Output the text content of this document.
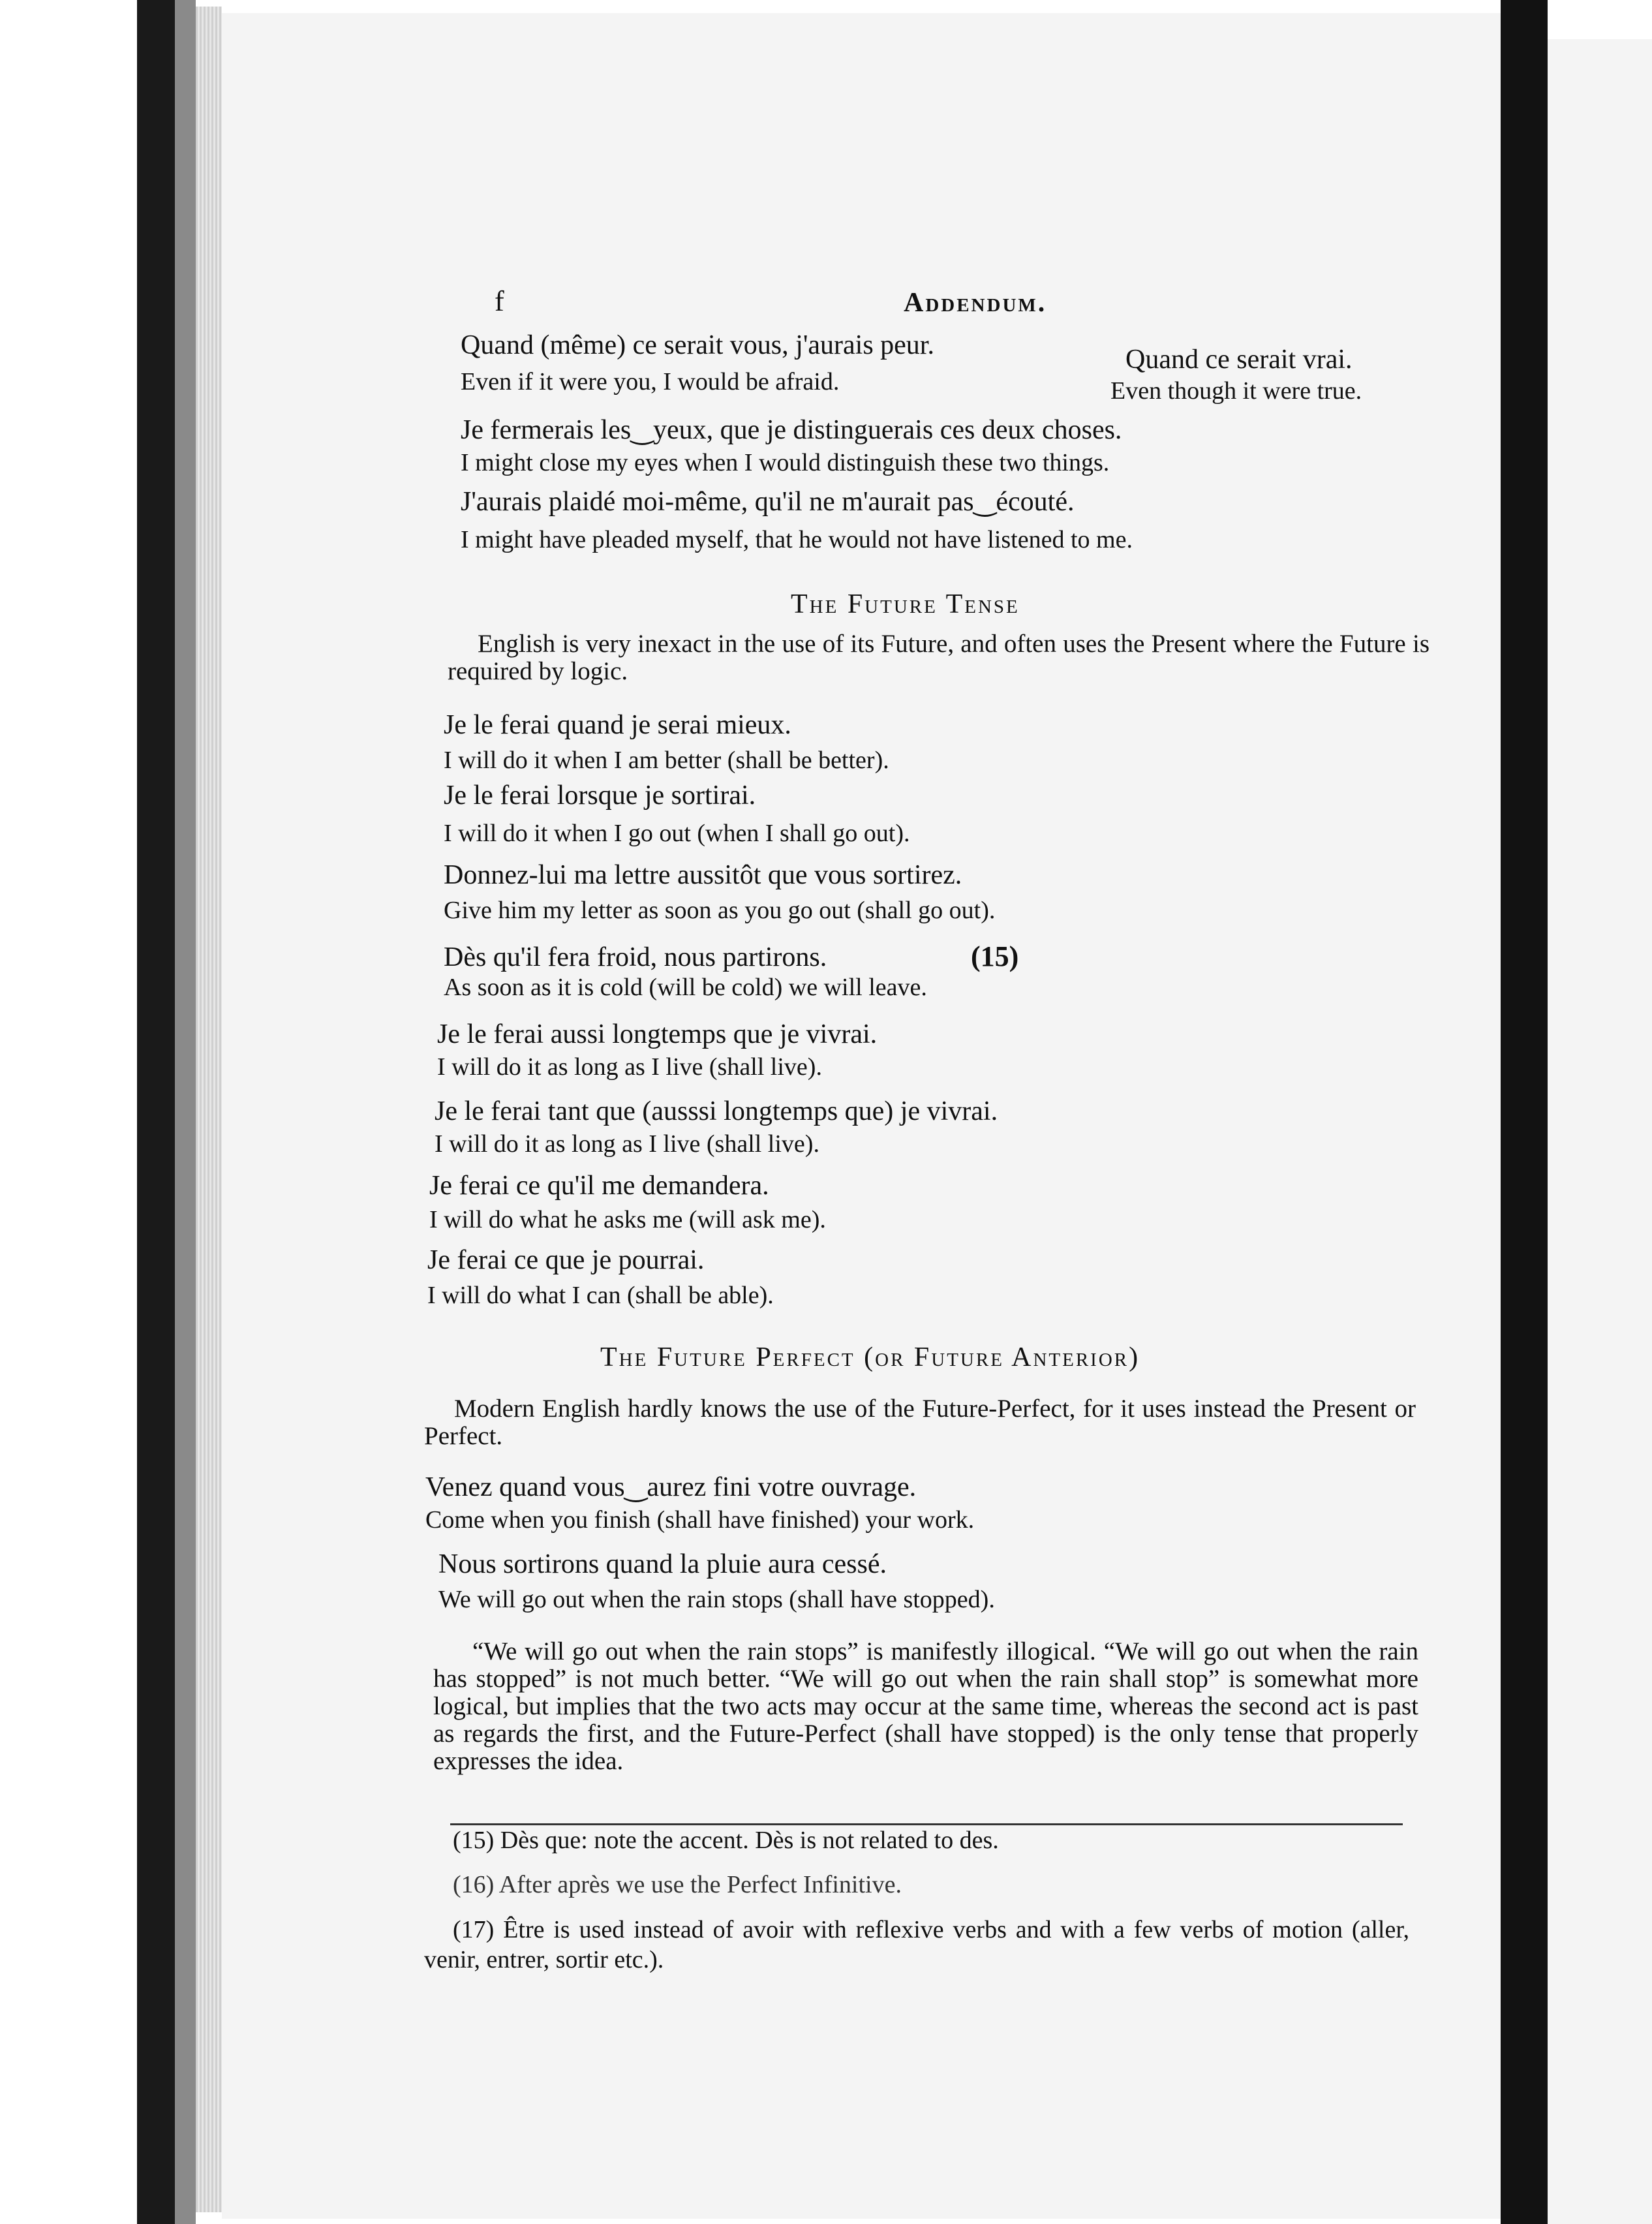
f	Addendum.
Quand (même) ce serait vous, j'aurais peur.
Even if it were you, I would be afraid.
Quand ce serait vrai.
Even though it were true.
Je fermerais les‿yeux, que je distinguerais ces deux choses.
I might close my eyes when I would distinguish these two things.
J'aurais plaidé moi-même, qu'il ne m'aurait pas‿écouté.
I might have pleaded myself, that he would not have listened to me.
The Future Tense
English is very inexact in the use of its Future, and often uses the Present where the Future is required by logic.
Je le ferai quand je serai mieux.
I will do it when I am better (shall be better).
Je le ferai lorsque je sortirai.
I will do it when I go out (when I shall go out).
Donnez-lui ma lettre aussitôt que vous sortirez.
Give him my letter as soon as you go out (shall go out).
Dès qu'il fera froid, nous partirons.	(15)
As soon as it is cold (will be cold) we will leave.
Je le ferai aussi longtemps que je vivrai.
I will do it as long as I live (shall live).
Je le ferai tant que (ausssi longtemps que) je vivrai.
I will do it as long as I live (shall live).
Je ferai ce qu'il me demandera.
I will do what he asks me (will ask me).
Je ferai ce que je pourrai.
I will do what I can (shall be able).
The Future Perfect (or Future Anterior)
Modern English hardly knows the use of the Future-Perfect, for it uses instead the Present or Perfect.
Venez quand vous‿aurez fini votre ouvrage.
Come when you finish (shall have finished) your work.
Nous sortirons quand la pluie aura cessé.
We will go out when the rain stops (shall have stopped).
“We will go out when the rain stops” is manifestly illogical. “We will go out when the rain has stopped” is not much better. “We will go out when the rain shall stop” is somewhat more logical, but implies that the two acts may occur at the same time, whereas the second act is past as regards the first, and the Future-Perfect (shall have stopped) is the only tense that properly expresses the idea.
(15) Dès que: note the accent. Dès is not related to des.
(16) After après we use the Perfect Infinitive.
(17) Être is used instead of avoir with reflexive verbs and with a few verbs of motion (aller, venir, entrer, sortir etc.).
